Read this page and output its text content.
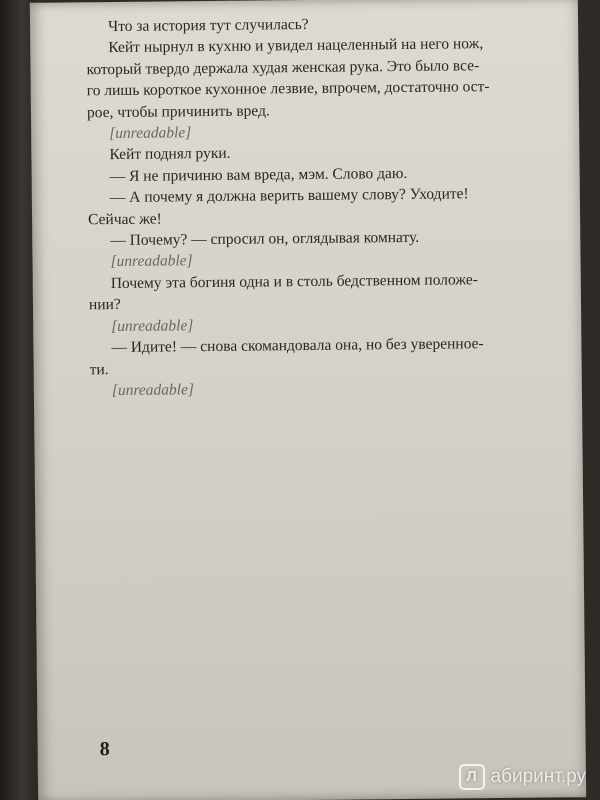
Что за история тут случилась?
Кейт нырнул в кухню и увидел нацеленный на него нож,
который твердо держала худая женская рука. Это было все-
го лишь короткое кухонное лезвие, впрочем, достаточно ост-
рое, чтобы причинить вред.
[unreadable]
Кейт поднял руки.
— Я не причиню вам вреда, мэм. Слово даю.
— А почему я должна верить вашему слову? Уходите!
Сейчас же!
— Почему? — спросил он, оглядывая комнату.
[unreadable]
Почему эта богиня одна и в столь бедственном положе-
нии?
[unreadable]
— Идите! — снова скомандовала она, но без уверенное-
ти.
[unreadable]
8
Л абиринт.ру
